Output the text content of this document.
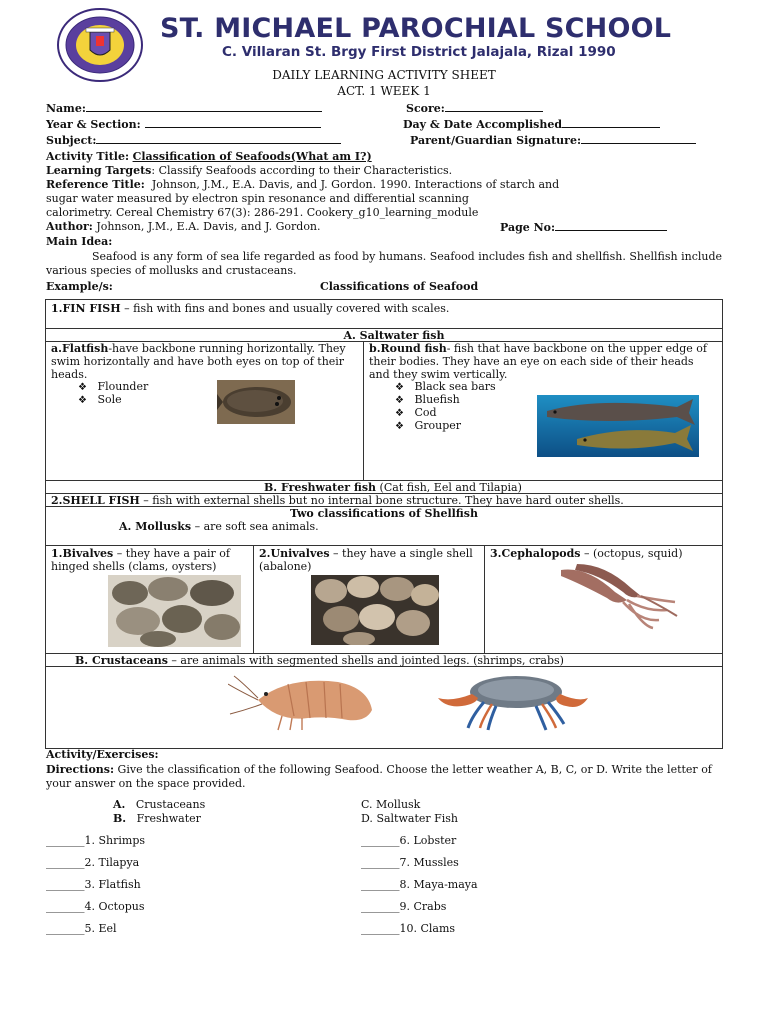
ST. MICHAEL PAROCHIAL SCHOOL
C. Villaran St. Brgy First District Jalajala, Rizal 1990
DAILY LEARNING ACTIVITY SHEET
ACT. 1 WEEK 1
Name:	Score:
Year & Section:	Day & Date Accomplished
Subject:	Parent/Guardian Signature:
Activity Title: Classification of Seafoods(What am I?)
Learning Targets: Classify Seafoods according to their Characteristics.
Reference Title: Johnson, J.M., E.A. Davis, and J. Gordon. 1990. Interactions of starch and
sugar water measured by electron spin resonance and differential scanning
calorimetry. Cereal Chemistry 67(3): 286-291. Cookery_g10_learning_module
Author: Johnson, J.M., E.A. Davis, and J. Gordon.	Page No:
Main Idea:
Seafood is any form of sea life regarded as food by humans. Seafood includes fish and shellfish. Shellfish include
various species of mollusks and crustaceans.
Example/s:	Classifications of Seafood
1.FIN FISH – fish with fins and bones and usually covered with scales.
A. Saltwater fish
a.Flatfish-have backbone running horizontally. They swim horizontally and have both eyes on top of their heads.
❖ Flounder
❖ Sole
b.Round fish- fish that have backbone on the upper edge of their bodies. They have an eye on each side of their heads and they swim vertically.
❖ Black sea bars
❖ Bluefish
❖ Cod
❖ Grouper
B. Freshwater fish (Cat fish, Eel and Tilapia)
2.SHELL FISH – fish with external shells but no internal bone structure. They have hard outer shells.
Two classifications of Shellfish
A. Mollusks – are soft sea animals.
1.Bivalves – they have a pair of hinged shells (clams, oysters)
2.Univalves – they have a single shell (abalone)
3.Cephalopods – (octopus, squid)
B. Crustaceans – are animals with segmented shells and jointed legs. (shrimps, crabs)
Activity/Exercises:
Directions: Give the classification of the following Seafood. Choose the letter weather A, B, C, or D. Write the letter of
your answer on the space provided.
A. Crustaceans
B. Freshwater
C. Mollusk
D. Saltwater Fish
_______1. Shrimps
_______2. Tilapya
_______3. Flatfish
_______4. Octopus
_______5. Eel
_______6. Lobster
_______7. Mussles
_______8. Maya-maya
_______9. Crabs
_______10. Clams
